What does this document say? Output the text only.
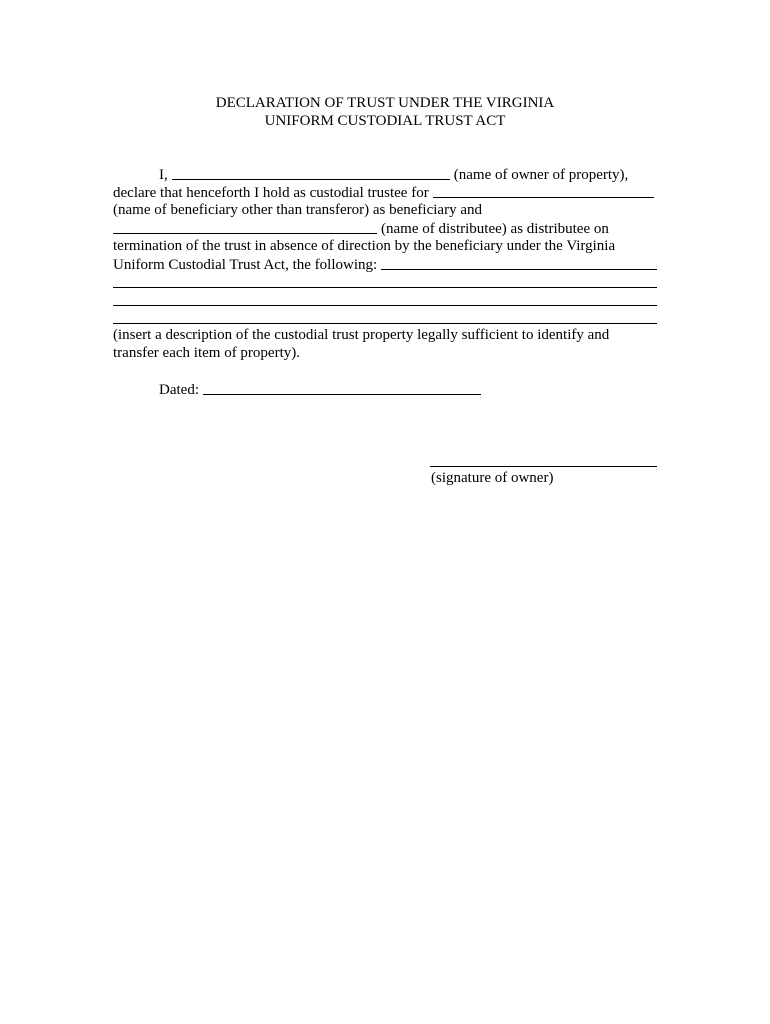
DECLARATION OF TRUST UNDER THE VIRGINIA
UNIFORM CUSTODIAL TRUST ACT
I,	(name of owner of property),
declare that henceforth I hold as custodial trustee for
(name of beneficiary other than transferor) as beneficiary and
(name of distributee) as distributee on
termination of the trust in absence of direction by the beneficiary under the Virginia
Uniform Custodial Trust Act, the following:
(insert a description of the custodial trust property legally sufficient to identify and
transfer each item of property).
Dated:
(signature of owner)
